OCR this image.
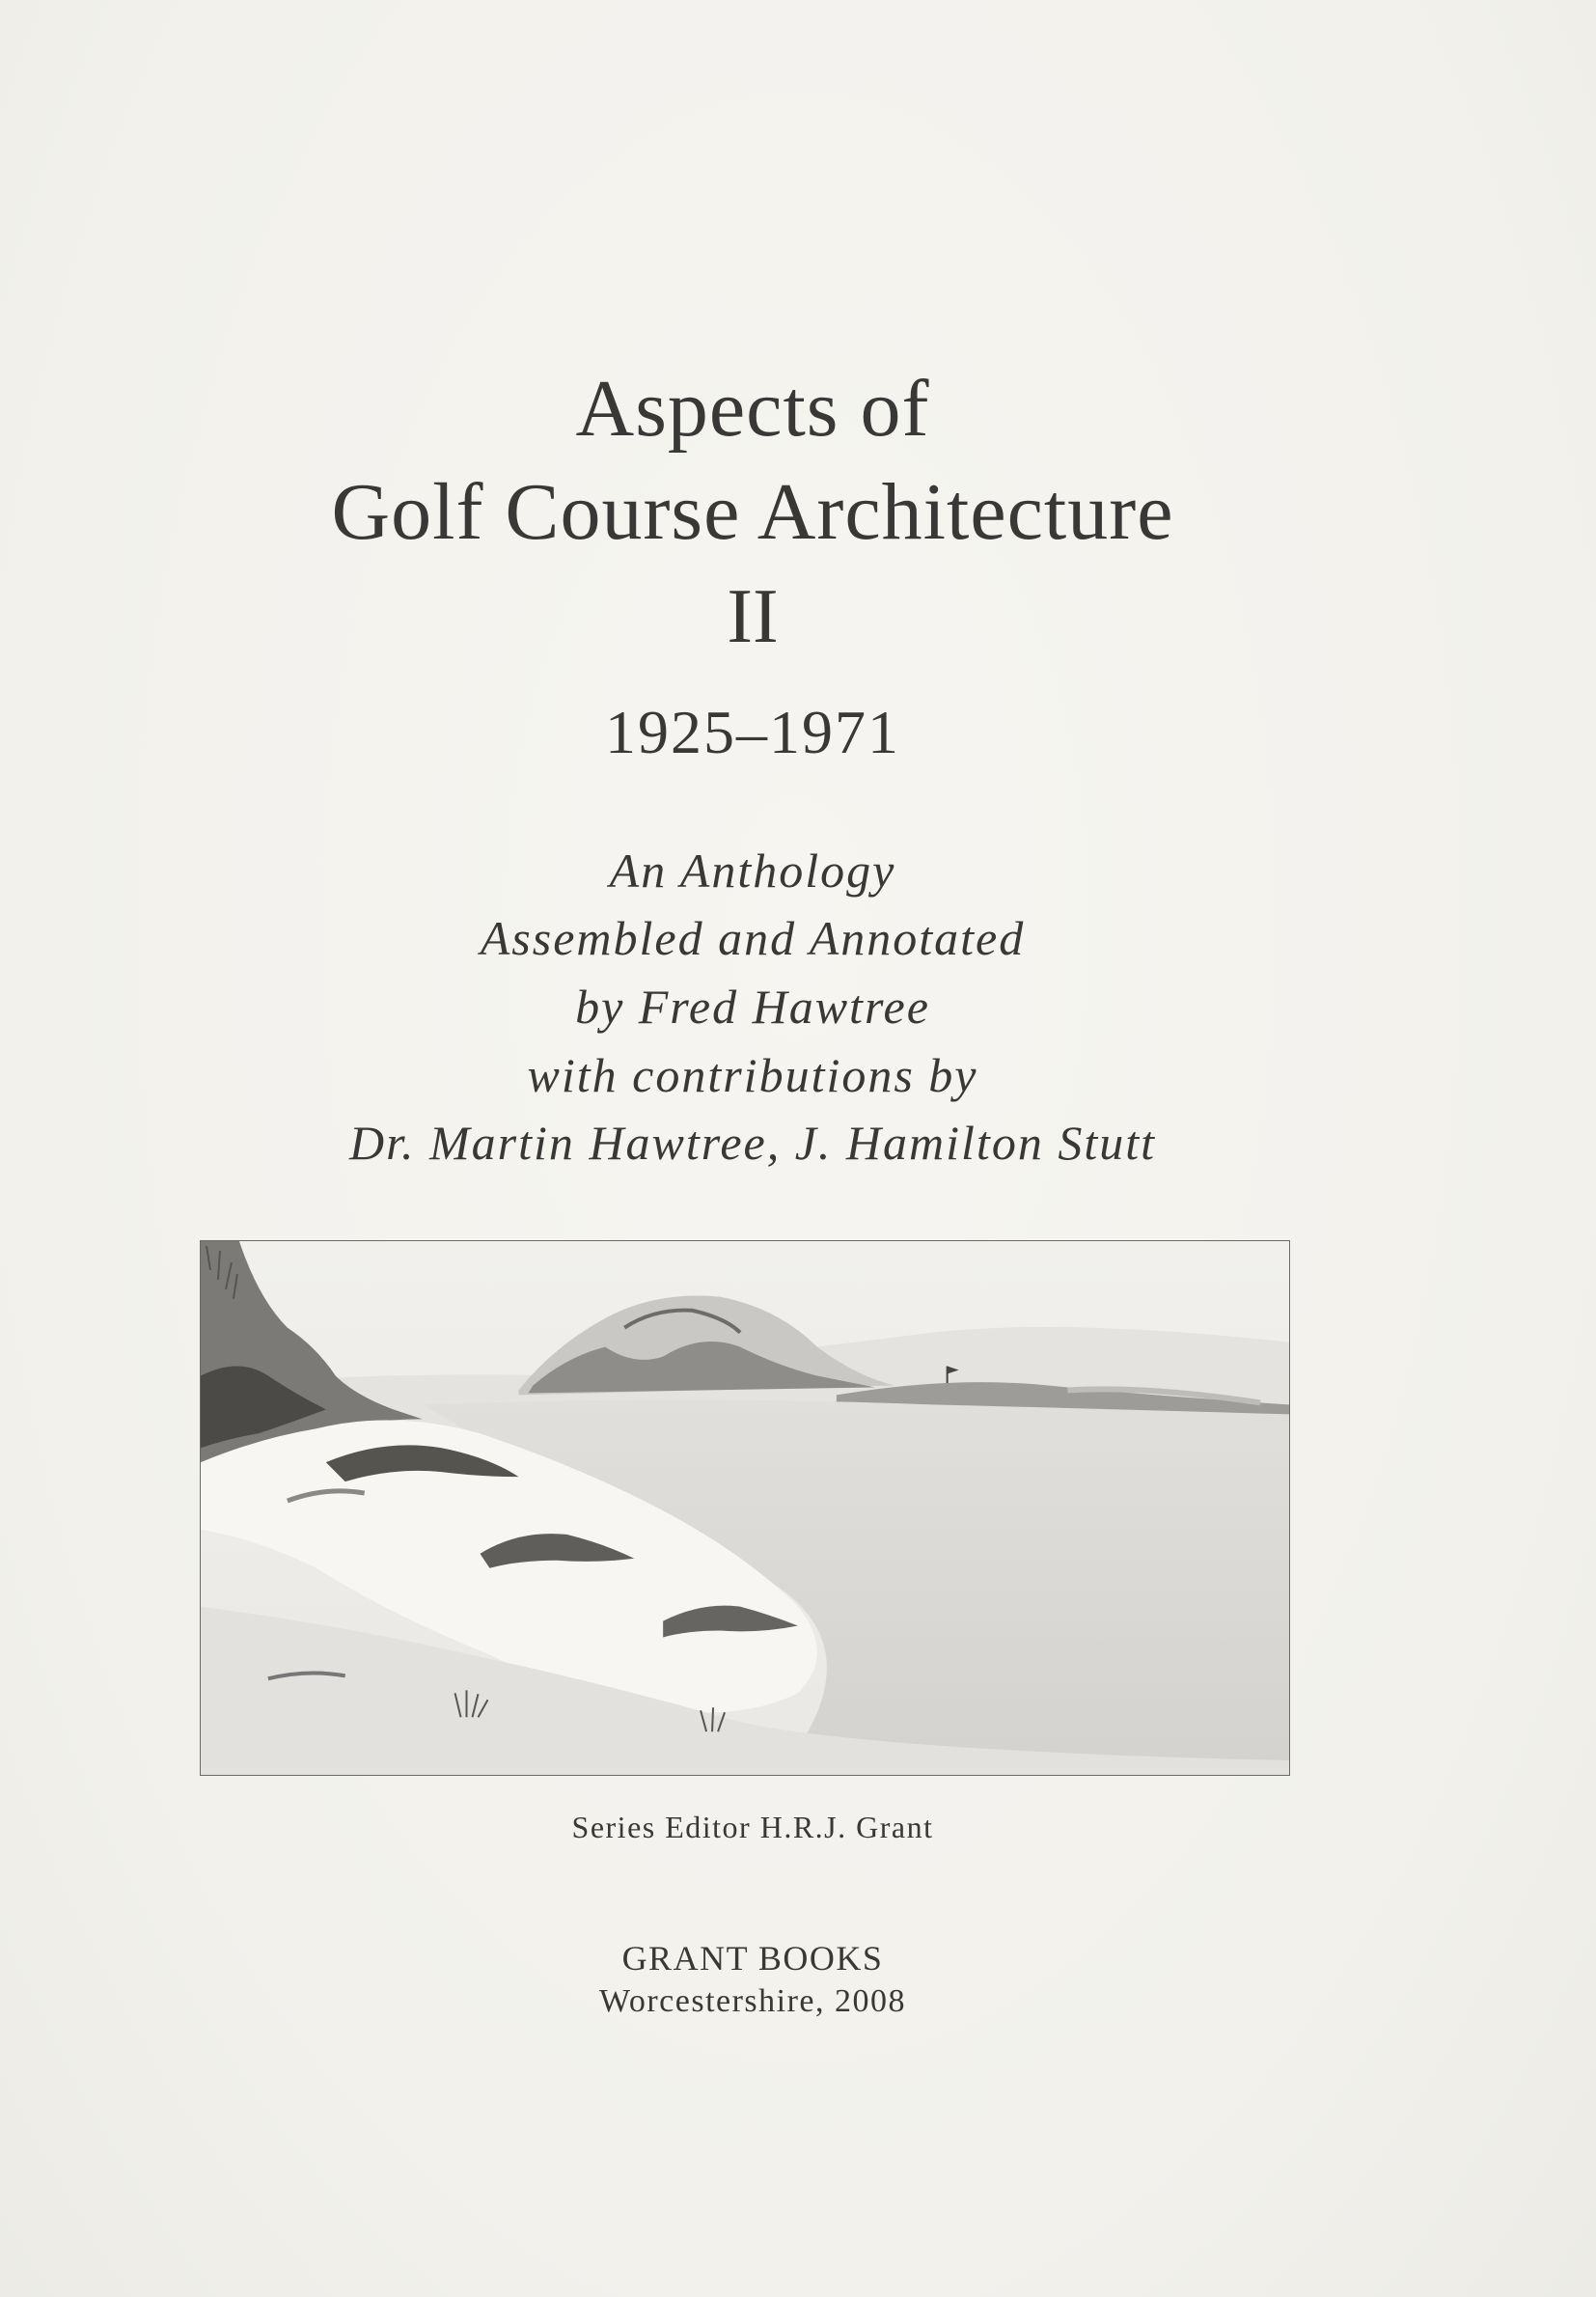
Aspects of
Golf Course Architecture
II
1925–1971
An Anthology
Assembled and Annotated
by Fred Hawtree
with contributions by
Dr. Martin Hawtree, J. Hamilton Stutt
Series Editor H.R.J. Grant
GRANT BOOKS
Worcestershire, 2008
